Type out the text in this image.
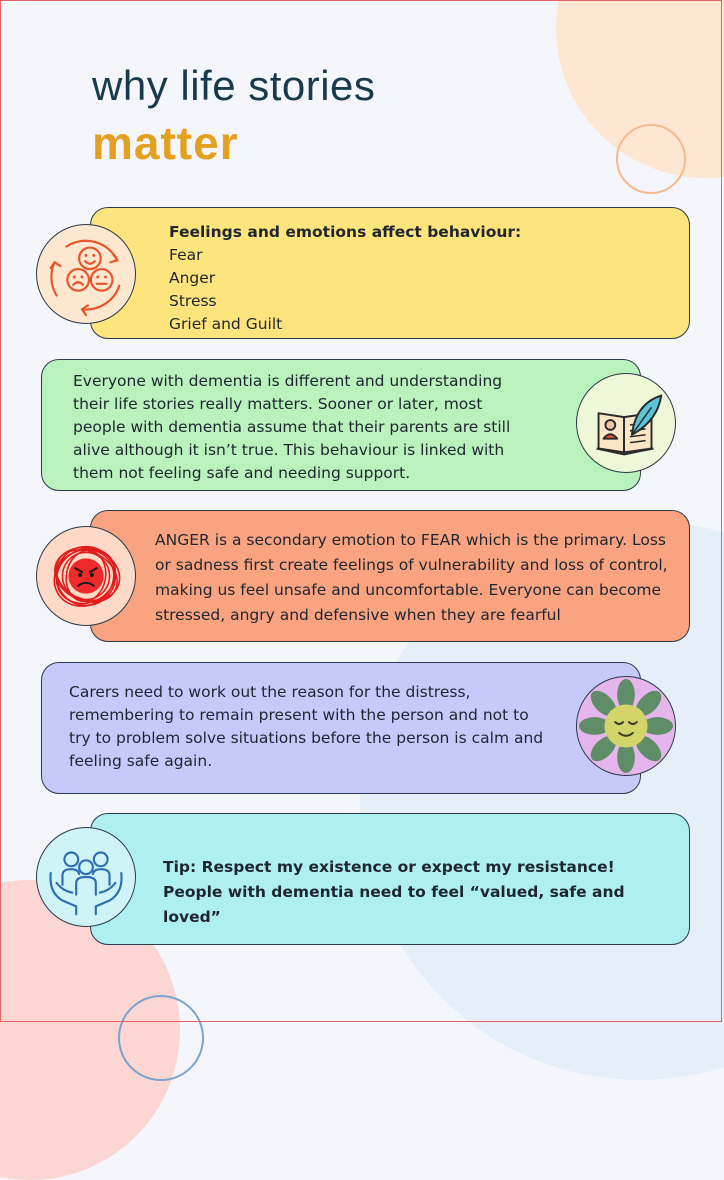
why life stories
matter
Feelings and emotions affect behaviour:
Fear
Anger
Stress
Grief and Guilt
Everyone with dementia is different and understanding their life stories really matters. Sooner or later, most people with dementia assume that their parents are still alive although it isn’t true. This behaviour is linked with them not feeling safe and needing support.
ANGER is a secondary emotion to FEAR which is the primary. Loss or sadness first create feelings of vulnerability and loss of control, making us feel unsafe and uncomfortable. Everyone can become stressed, angry and defensive when they are fearful
Carers need to work out the reason for the distress, remembering to remain present with the person and not to try to problem solve situations before the person is calm and feeling safe again.
Tip: Respect my existence or expect my resistance!
People with dementia need to feel “valued, safe and loved”
